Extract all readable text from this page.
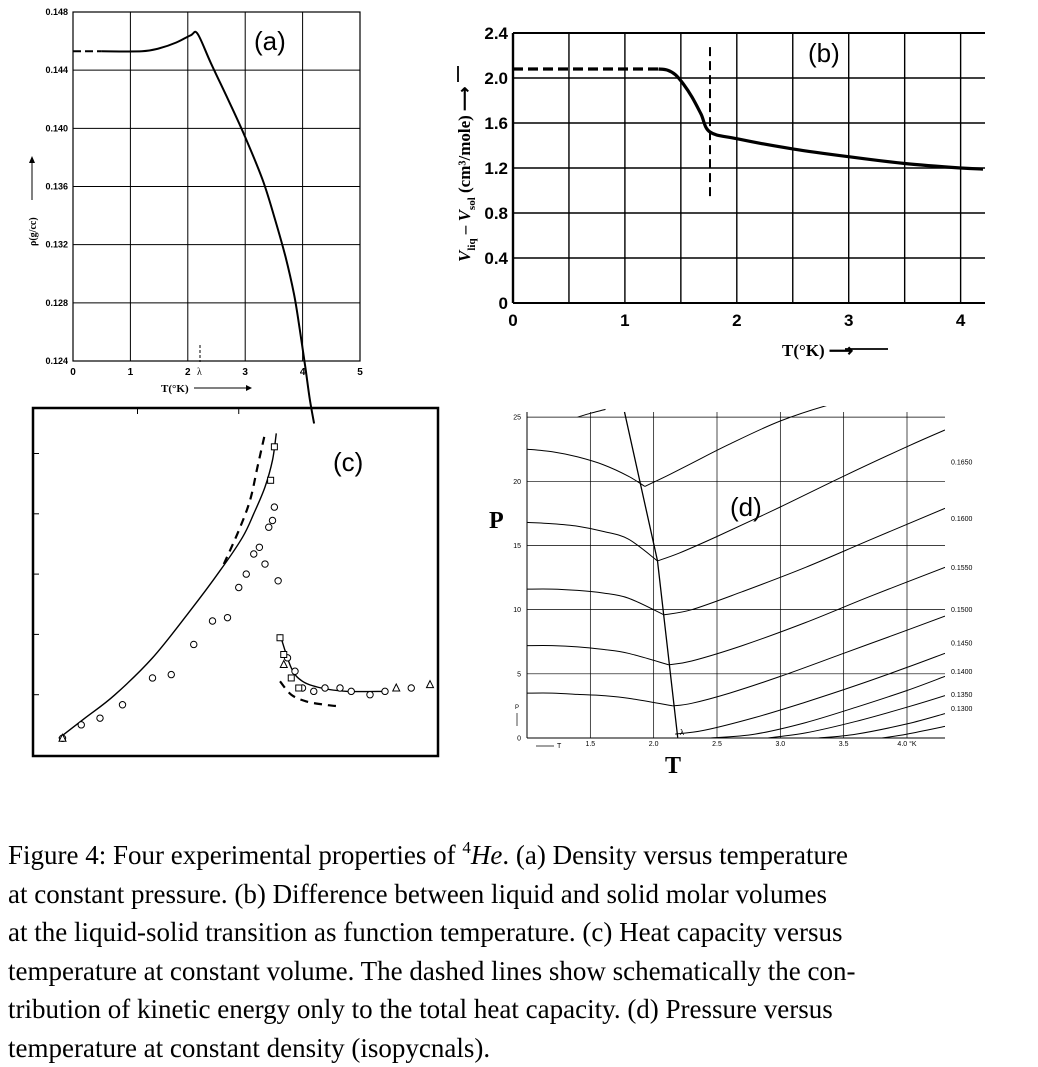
0	1	2	3	4	5
0.148
0.144
0.140
0.136
0.132
0.128
0.124
(a)
T(°K)
ρ(g/cc)
λ
0	1	2	3	4
2.4
2.0
1.6
1.2
0.8
0.4
0
(b)
T(°K) ⟶
$V_{liq} - V_{sol}$ (cm³/mole) ⟶
(c)
1.5	2.0	2.5	3.0	3.5	4.0 °K
25
20
15
10
5
0
0.1650
0.1600
0.1550
0.1500
0.1450
0.1400
0.1350
0.1300
(d)
P
T
P
T
λ
Figure 4: Four experimental properties of $^4$He. (a) Density versus temperature
at constant pressure. (b) Difference between liquid and solid molar volumes
at the liquid-solid transition as function temperature. (c) Heat capacity versus
temperature at constant volume. The dashed lines show schematically the con-
tribution of kinetic energy only to the total heat capacity. (d) Pressure versus
temperature at constant density (isopycnals).
